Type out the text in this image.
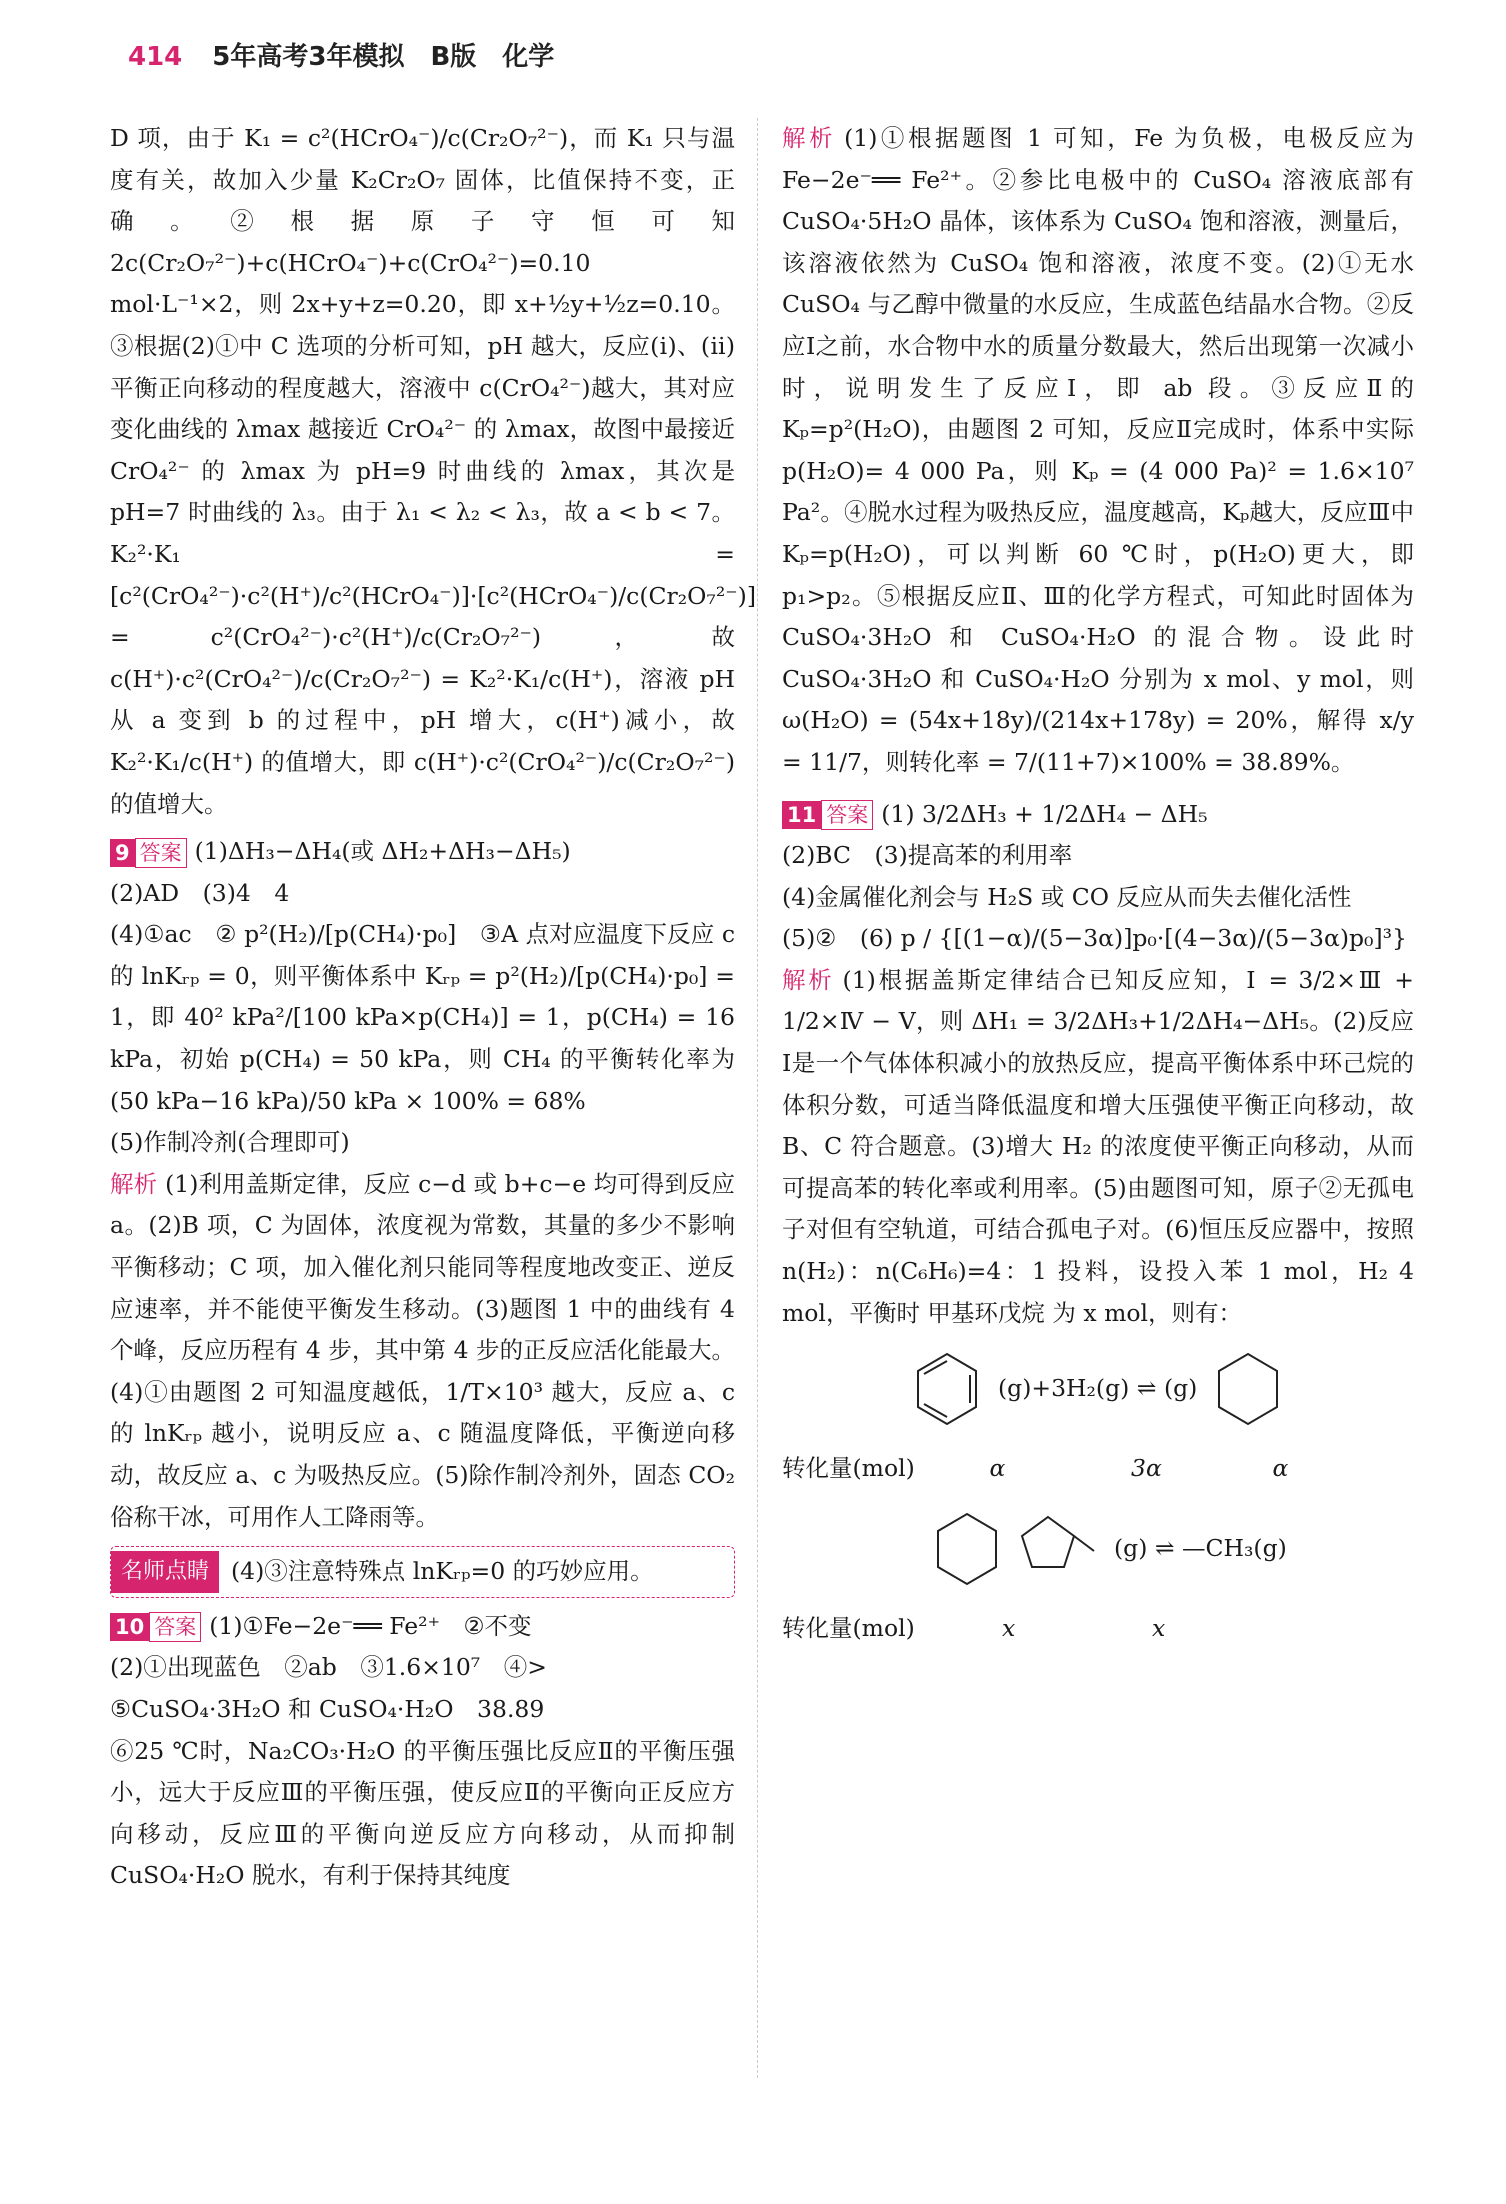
414 5年高考3年模拟　B版　化学

D 项，由于 K₁ = c²(HCrO₄⁻)/c(Cr₂O₇²⁻)，而 K₁ 只与温度有关，故加入少量 K₂Cr₂O₇ 固体，比值保持不变，正确。②根据原子守恒可知 2c(Cr₂O₇²⁻)+c(HCrO₄⁻)+c(CrO₄²⁻)=0.10 mol·L⁻¹×2，则 2x+y+z=0.20，即 x+½y+½z=0.10。③根据(2)①中 C 选项的分析可知，pH 越大，反应(ⅰ)、(ⅱ)平衡正向移动的程度越大，溶液中 c(CrO₄²⁻)越大，其对应变化曲线的 λmax 越接近 CrO₄²⁻ 的 λmax，故图中最接近 CrO₄²⁻ 的 λmax 为 pH=9 时曲线的 λmax，其次是pH=7 时曲线的 λ₃。由于 λ₁ < λ₂ < λ₃，故 a < b < 7。K₂²·K₁ = [c²(CrO₄²⁻)·c²(H⁺)/c²(HCrO₄⁻)]·[c²(HCrO₄⁻)/c(Cr₂O₇²⁻)] = c²(CrO₄²⁻)·c²(H⁺)/c(Cr₂O₇²⁻)，故 c(H⁺)·c²(CrO₄²⁻)/c(Cr₂O₇²⁻) = K₂²·K₁/c(H⁺)，溶液 pH 从 a 变到 b 的过程中，pH 增大，c(H⁺)减小，故 K₂²·K₁/c(H⁺) 的值增大，即 c(H⁺)·c²(CrO₄²⁻)/c(Cr₂O₇²⁻) 的值增大。

9 答案 (1)ΔH₃−ΔH₄(或 ΔH₂+ΔH₃−ΔH₅)

(2)AD　(3)4　4

(4)①ac　② p²(H₂)/[p(CH₄)·p₀]　③A 点对应温度下反应 c 的 lnKᵣₚ = 0，则平衡体系中 Kᵣₚ = p²(H₂)/[p(CH₄)·p₀] = 1，即 40² kPa²/[100 kPa×p(CH₄)] = 1，p(CH₄) = 16 kPa，初始 p(CH₄) = 50 kPa，则 CH₄ 的平衡转化率为 (50 kPa−16 kPa)/50 kPa × 100% = 68%

(5)作制冷剂(合理即可)

解析 (1)利用盖斯定律，反应 c−d 或 b+c−e 均可得到反应 a。(2)B 项，C 为固体，浓度视为常数，其量的多少不影响平衡移动；C 项，加入催化剂只能同等程度地改变正、逆反应速率，并不能使平衡发生移动。(3)题图 1 中的曲线有 4 个峰，反应历程有 4 步，其中第 4 步的正反应活化能最大。(4)①由题图 2 可知温度越低，1/T×10³ 越大，反应 a、c 的 lnKᵣₚ 越小，说明反应 a、c 随温度降低，平衡逆向移动，故反应 a、c 为吸热反应。(5)除作制冷剂外，固态 CO₂ 俗称干冰，可用作人工降雨等。

名师点睛 (4)③注意特殊点 lnKᵣₚ=0 的巧妙应用。

10 答案 (1)①Fe−2e⁻══ Fe²⁺　②不变

(2)①出现蓝色　②ab　③1.6×10⁷　④>

⑤CuSO₄·3H₂O 和 CuSO₄·H₂O　38.89

⑥25 ℃时，Na₂CO₃·H₂O 的平衡压强比反应Ⅱ的平衡压强小，远大于反应Ⅲ的平衡压强，使反应Ⅱ的平衡向正反应方向移动，反应Ⅲ的平衡向逆反应方向移动，从而抑制CuSO₄·H₂O 脱水，有利于保持其纯度

解析 (1)①根据题图 1 可知，Fe 为负极，电极反应为 Fe−2e⁻══ Fe²⁺。②参比电极中的 CuSO₄ 溶液底部有 CuSO₄·5H₂O 晶体，该体系为 CuSO₄ 饱和溶液，测量后，该溶液依然为 CuSO₄ 饱和溶液，浓度不变。(2)①无水 CuSO₄ 与乙醇中微量的水反应，生成蓝色结晶水合物。②反应Ⅰ之前，水合物中水的质量分数最大，然后出现第一次减小时，说明发生了反应Ⅰ，即 ab 段。③反应Ⅱ的 Kₚ=p²(H₂O)，由题图 2 可知，反应Ⅱ完成时，体系中实际 p(H₂O)= 4 000 Pa，则 Kₚ = (4 000 Pa)² = 1.6×10⁷ Pa²。④脱水过程为吸热反应，温度越高，Kₚ越大，反应Ⅲ中 Kₚ=p(H₂O)，可以判断 60 ℃时，p(H₂O)更大，即 p₁>p₂。⑤根据反应Ⅱ、Ⅲ的化学方程式，可知此时固体为 CuSO₄·3H₂O 和 CuSO₄·H₂O 的混合物。设此时 CuSO₄·3H₂O 和 CuSO₄·H₂O 分别为 x mol、y mol，则 ω(H₂O) = (54x+18y)/(214x+178y) = 20%，解得 x/y = 11/7，则转化率 = 7/(11+7)×100% = 38.89%。

11 答案 (1) 3/2ΔH₃ + 1/2ΔH₄ − ΔH₅

(2)BC　(3)提高苯的利用率

(4)金属催化剂会与 H₂S 或 CO 反应从而失去催化活性

(5)②　(6) p / {[(1−α)/(5−3α)]p₀·[(4−3α)/(5−3α)p₀]³}

解析 (1)根据盖斯定律结合已知反应知，Ⅰ = 3/2×Ⅲ + 1/2×Ⅳ − Ⅴ，则 ΔH₁ = 3/2ΔH₃+1/2ΔH₄−ΔH₅。(2)反应Ⅰ是一个气体体积减小的放热反应，提高平衡体系中环己烷的体积分数，可适当降低温度和增大压强使平衡正向移动，故 B、C 符合题意。(3)增大 H₂ 的浓度使平衡正向移动，从而可提高苯的转化率或利用率。(5)由题图可知，原子②无孤电子对但有空轨道，可结合孤电子对。(6)恒压反应器中，按照 n(H₂)：n(C₆H₆)=4：1 投料，设投入苯 1 mol，H₂ 4 mol，平衡时 甲基环戊烷 为 x mol，则有：

(g)+3H₂(g) ⇌ (g)
转化量(mol)	α	3α	α
(g) ⇌ —CH₃(g)
转化量(mol)	x	x
